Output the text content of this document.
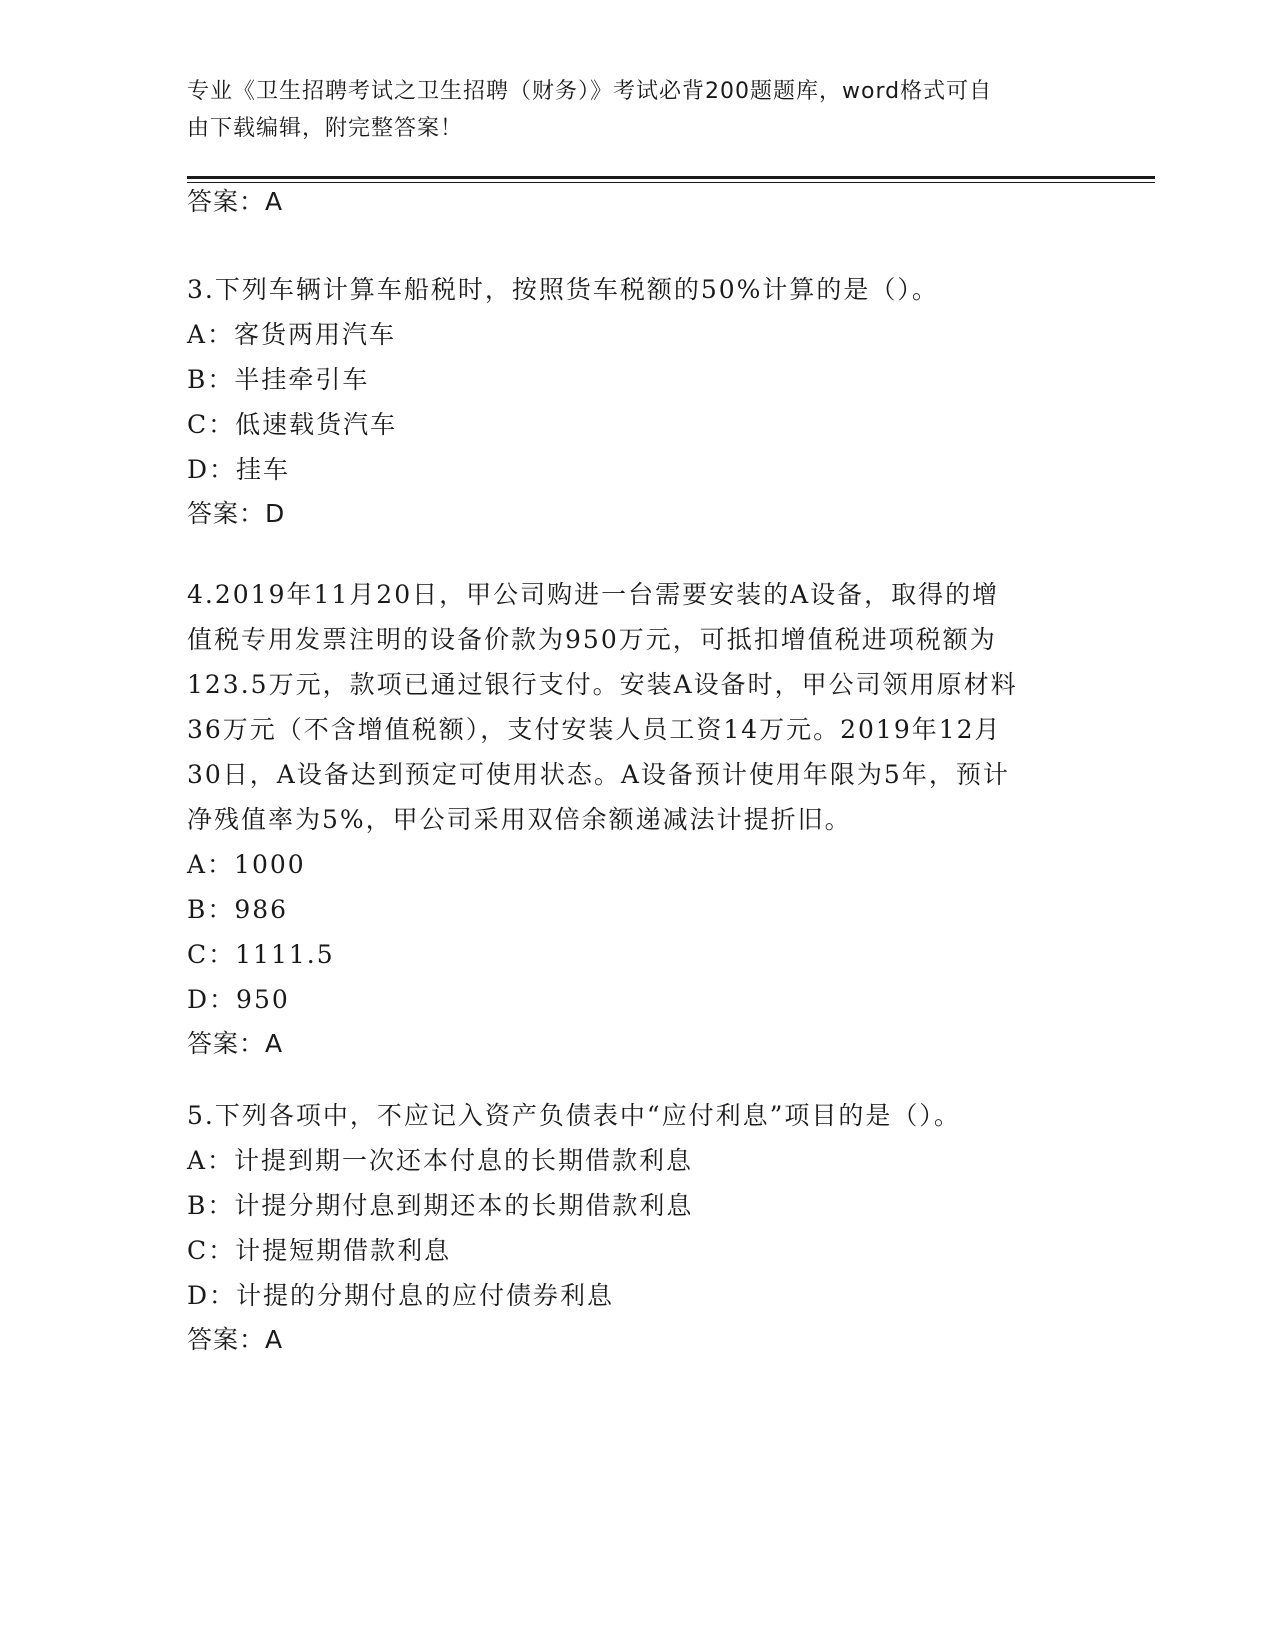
专业《卫生招聘考试之卫生招聘（财务）》考试必背200题题库，word格式可自
由下载编辑，附完整答案！
答案：A

3.下列车辆计算车船税时，按照货车税额的50%计算的是（）。

A：客货两用汽车

B：半挂牵引车

C：低速载货汽车

D：挂车

答案：D

4.2019年11月20日，甲公司购进一台需要安装的A设备，取得的增

值税专用发票注明的设备价款为950万元，可抵扣增值税进项税额为

123.5万元，款项已通过银行支付。安装A设备时，甲公司领用原材料

36万元（不含增值税额），支付安装人员工资14万元。2019年12月

30日，A设备达到预定可使用状态。A设备预计使用年限为5年，预计

净残值率为5%，甲公司采用双倍余额递减法计提折旧。

A：1000

B：986

C：1111.5

D：950

答案：A

5.下列各项中，不应记入资产负债表中“应付利息”项目的是（）。

A：计提到期一次还本付息的长期借款利息

B：计提分期付息到期还本的长期借款利息

C：计提短期借款利息

D：计提的分期付息的应付债券利息

答案：A
